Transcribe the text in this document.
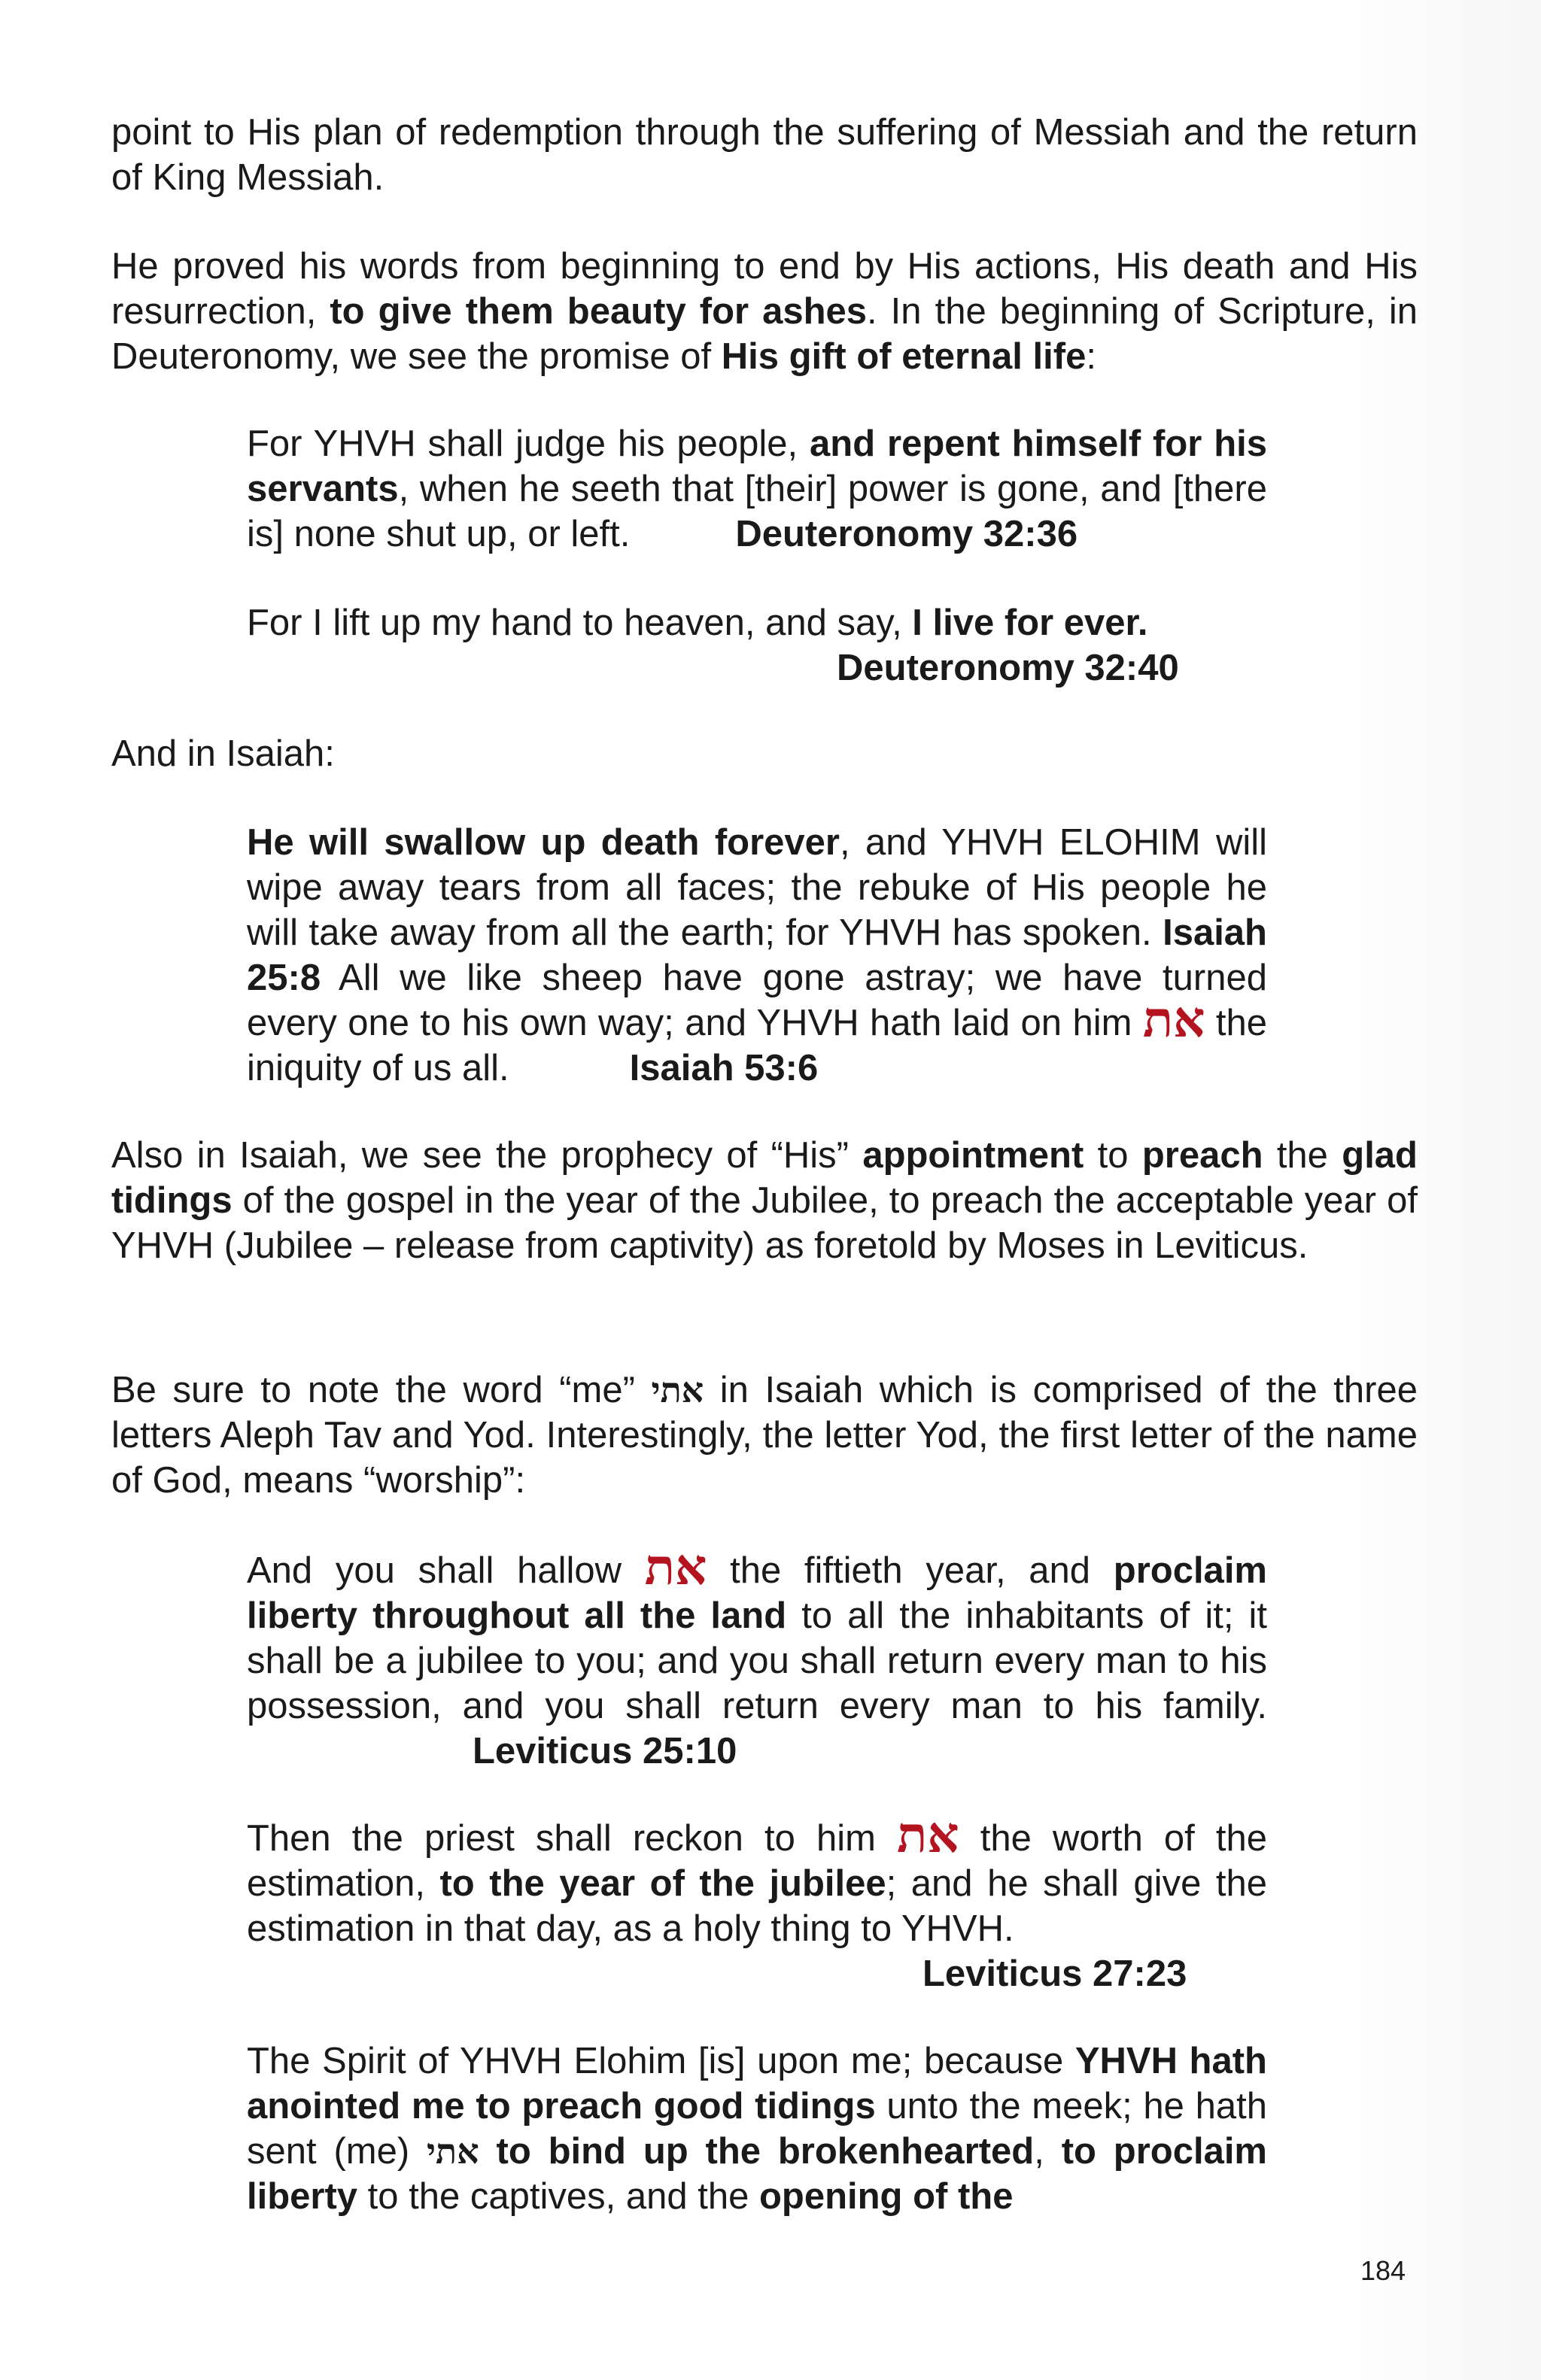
point to His plan of redemption through the suffering of Messiah and the return of King Messiah.

He proved his words from beginning to end by His actions, His death and His resurrection, to give them beauty for ashes. In the beginning of Scripture, in Deuteronomy, we see the promise of His gift of eternal life:

For YHVH shall judge his people, and repent himself for his servants, when he seeth that [their] power is gone, and [there is] none shut up, or left.	Deuteronomy 32:36

For I lift up my hand to heaven, and say, I live for ever.
Deuteronomy 32:40

And in Isaiah:

He will swallow up death forever, and YHVH ELOHIM will wipe away tears from all faces; the rebuke of His people he will take away from all the earth; for YHVH has spoken. Isaiah 25:8 All we like sheep have gone astray; we have turned every one to his own way; and YHVH hath laid on him את the iniquity of us all.	Isaiah 53:6

Also in Isaiah, we see the prophecy of “His” appointment to preach the glad tidings of the gospel in the year of the Jubilee, to preach the acceptable year of YHVH (Jubilee – release from captivity) as foretold by Moses in Leviticus.

Be sure to note the word “me” אתי in Isaiah which is comprised of the three letters Aleph Tav and Yod. Interestingly, the letter Yod, the first letter of the name of God, means “worship”:

And you shall hallow את the fiftieth year, and proclaim liberty throughout all the land to all the inhabitants of it; it shall be a jubilee to you; and you shall return every man to his possession, and you shall return every man to his family.Leviticus 25:10

Then the priest shall reckon to him את the worth of the estimation, to the year of the jubilee; and he shall give the estimation in that day, as a holy thing to YHVH.
Leviticus 27:23

The Spirit of YHVH Elohim [is] upon me; because YHVH hath anointed me to preach good tidings unto the meek; he hath sent (me) אתי to bind up the brokenhearted, to proclaim liberty to the captives, and the opening of the

184
